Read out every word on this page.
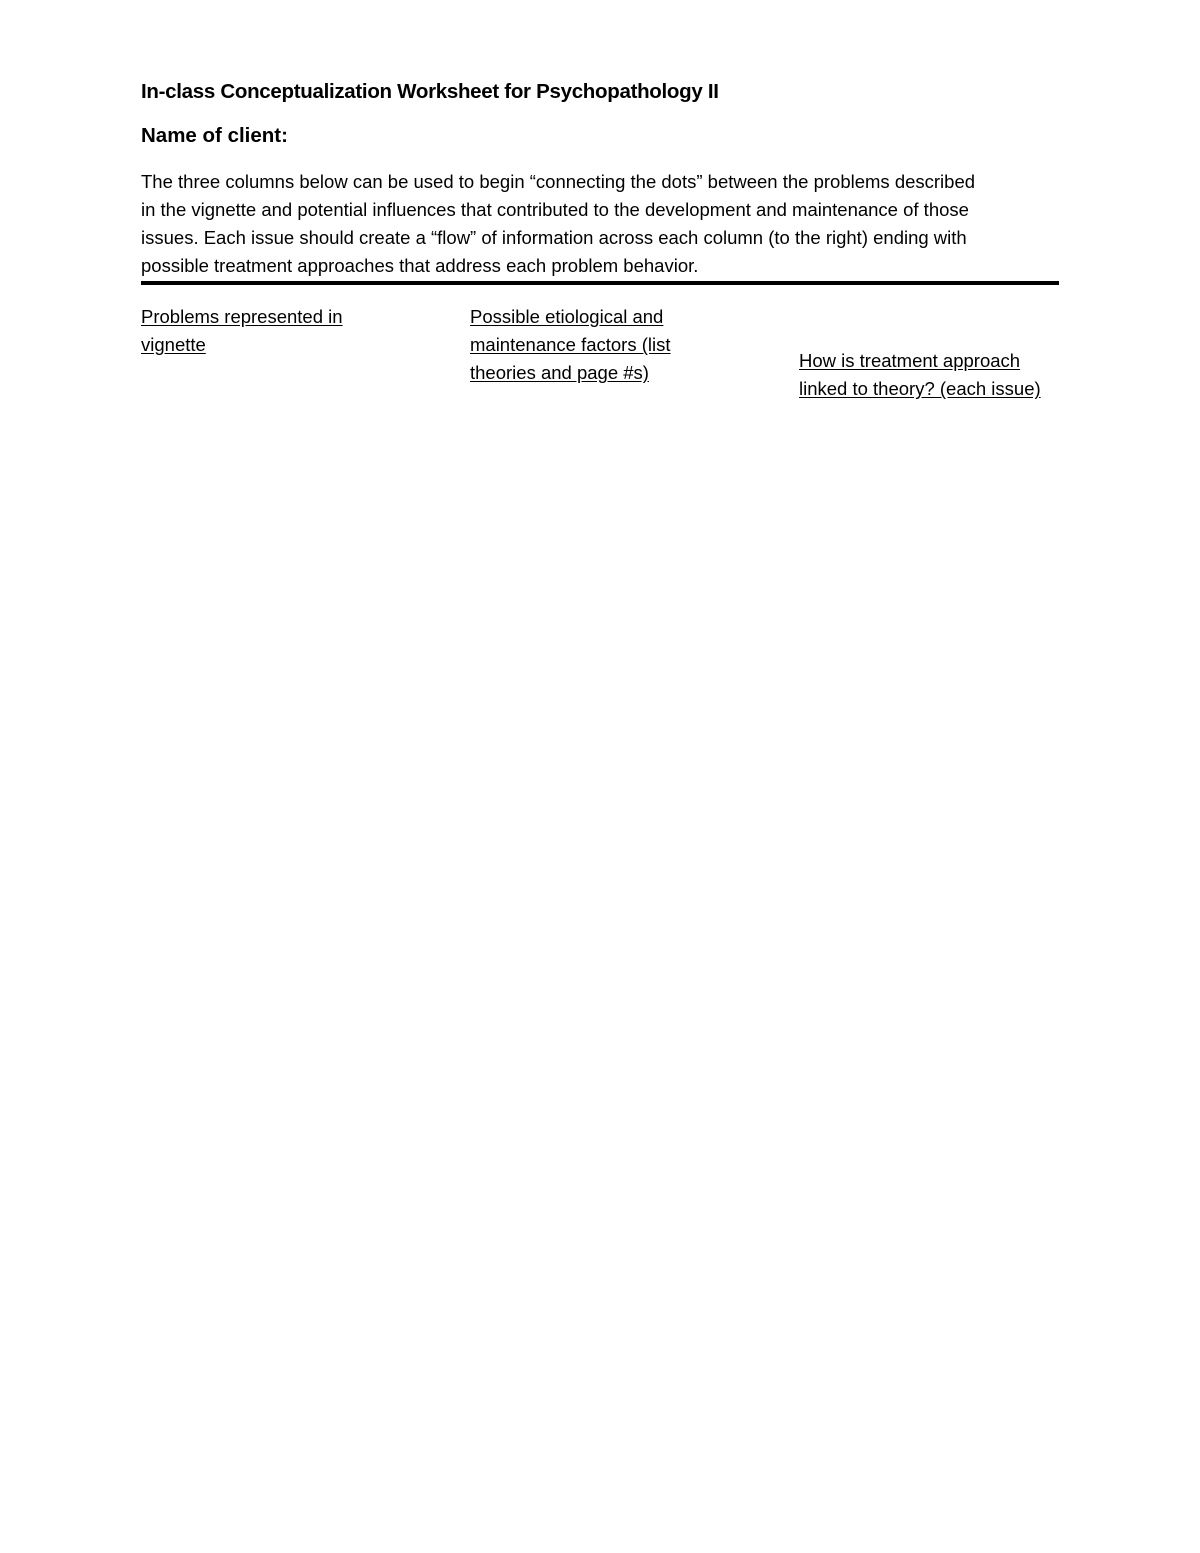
In-class Conceptualization Worksheet for Psychopathology II
Name of client:
The three columns below can be used to begin “connecting the dots” between the problems described
in the vignette and potential influences that contributed to the development and maintenance of those
issues. Each issue should create a “flow” of information across each column (to the right) ending with
possible treatment approaches that address each problem behavior.
Problems represented in
vignette
Possible etiological and
maintenance factors (list
theories and page #s)
How is treatment approach
linked to theory? (each issue)
